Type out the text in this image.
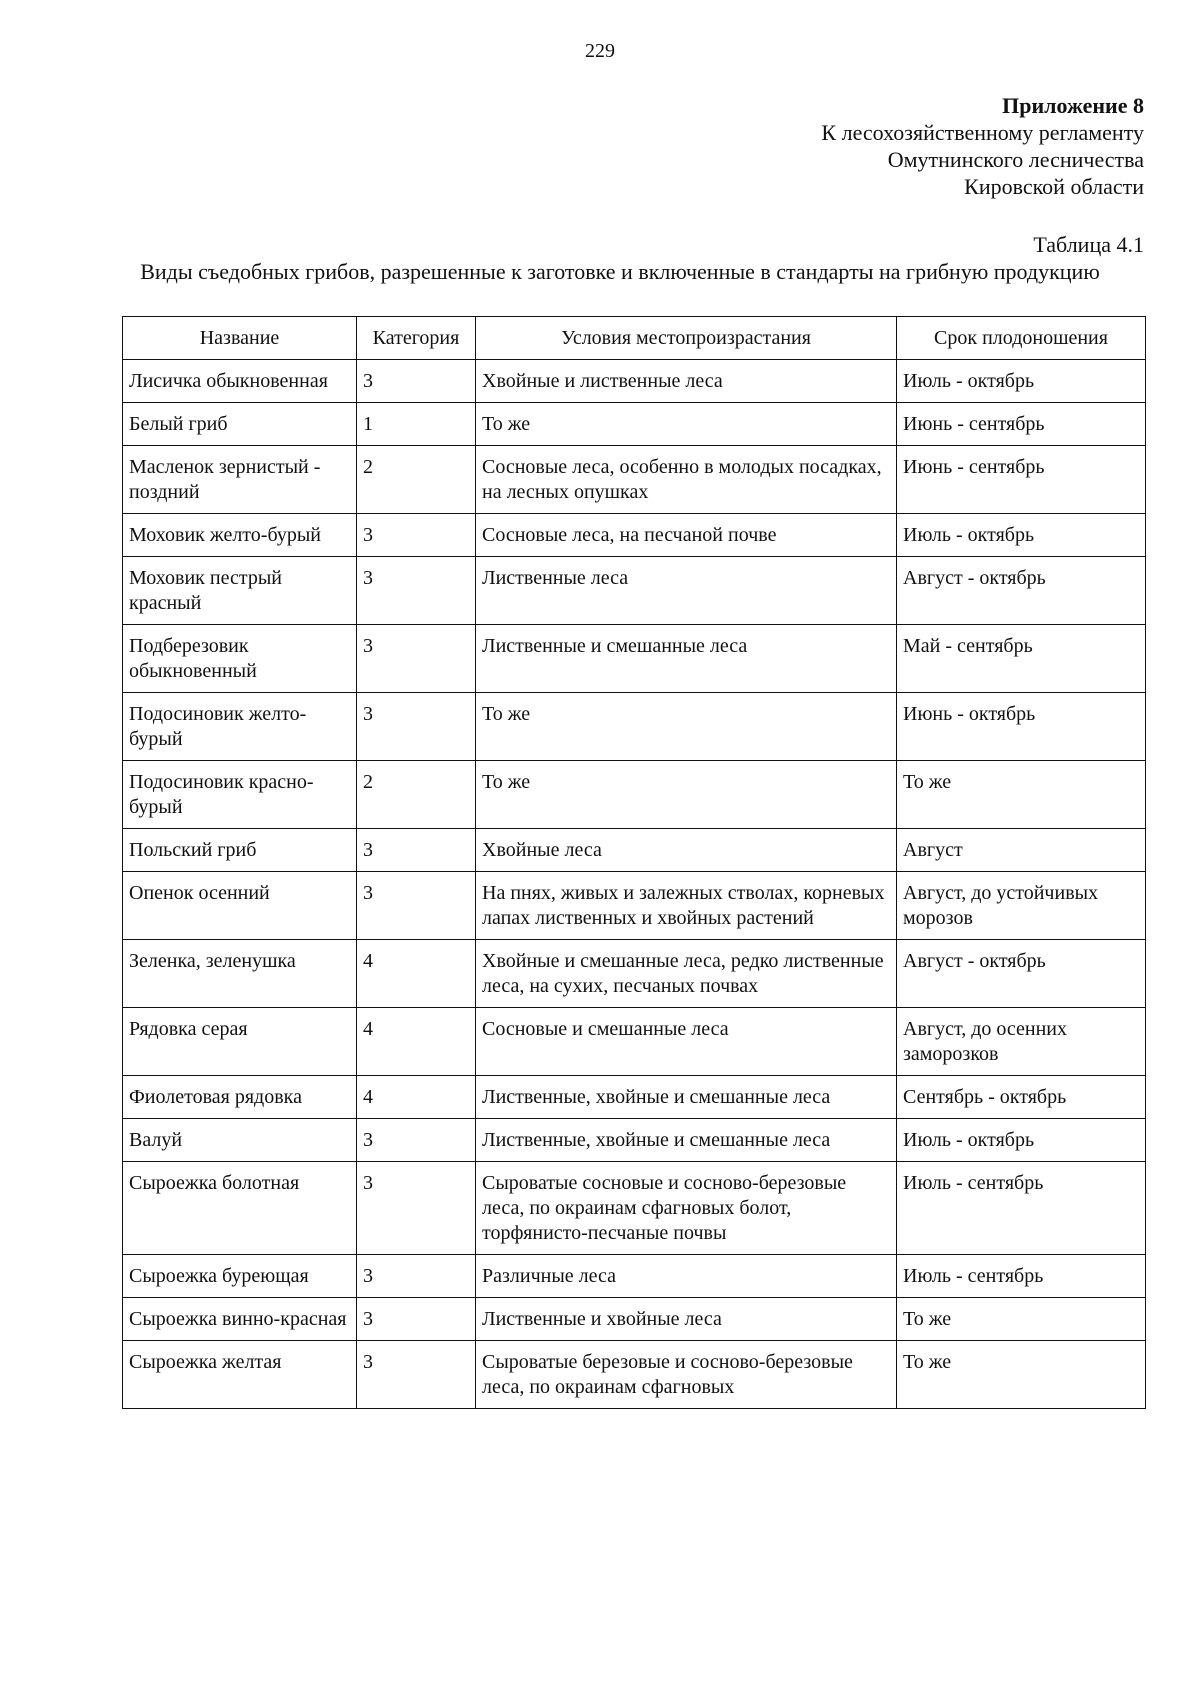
229
Приложение 8
К лесохозяйственному регламенту
Омутнинского лесничества
Кировской области
Таблица 4.1
Виды съедобных грибов, разрешенные к заготовке и включенные в стандарты на грибную продукцию
Название	Категория	Условия местопроизрастания	Срок плодоношения
Лисичка обыкновенная	3	Хвойные и лиственные леса	Июль - октябрь
Белый гриб	1	То же	Июнь - сентябрь
Масленок зернистый - поздний	2	Сосновые леса, особенно в молодых посадках, на лесных опушках	Июнь - сентябрь
Моховик желто-бурый	3	Сосновые леса, на песчаной почве	Июль - октябрь
Моховик пестрый красный	3	Лиственные леса	Август - октябрь
Подберезовик обыкновенный	3	Лиственные и смешанные леса	Май - сентябрь
Подосиновик желто-бурый	3	То же	Июнь - октябрь
Подосиновик красно-бурый	2	То же	То же
Польский гриб	3	Хвойные леса	Август
Опенок осенний	3	На пнях, живых и залежных стволах, корневых лапах лиственных и хвойных растений	Август, до устойчивых морозов
Зеленка, зеленушка	4	Хвойные и смешанные леса, редко лиственные леса, на сухих, песчаных почвах	Август - октябрь
Рядовка серая	4	Сосновые и смешанные леса	Август, до осенних заморозков
Фиолетовая рядовка	4	Лиственные, хвойные и смешанные леса	Сентябрь - октябрь
Валуй	3	Лиственные, хвойные и смешанные леса	Июль - октябрь
Сыроежка болотная	3	Сыроватые сосновые и сосново-березовые леса, по окраинам сфагновых болот, торфянисто-песчаные почвы	Июль - сентябрь
Сыроежка буреющая	3	Различные леса	Июль - сентябрь
Сыроежка винно-красная	3	Лиственные и хвойные леса	То же
Сыроежка желтая	3	Сыроватые березовые и сосново-березовые леса, по окраинам сфагновых	То же
